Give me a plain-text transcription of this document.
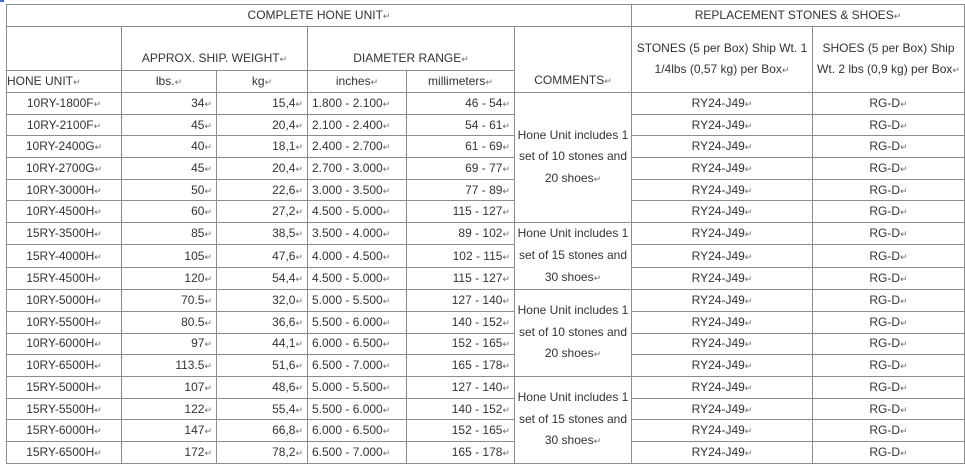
COMPLETE HONE UNIT↵						REPLACEMENT STONES & SHOES↵	
	APPROX. SHIP. WEIGHT↵		DIAMETER RANGE↵		COMMENTS↵	STONES (5 per Box) Ship Wt. 1 1/4lbs (0,57 kg) per Box↵	SHOES (5 per Box) Ship Wt. 2 lbs (0,9 kg) per Box↵
HONE UNIT↵	lbs.↵	kg↵	inches↵	millimeters↵			
10RY-1800F↵	34↵	15,4↵	1.800 - 2.100↵	46 - 54↵	Hone Unit includes 1 set of 10 stones and 20 shoes↵	RY24-J49↵	RG-D↵
10RY-2100F↵	45↵	20,4↵	2.100 - 2.400↵	54 - 61↵		RY24-J49↵	RG-D↵
10RY-2400G↵	40↵	18,1↵	2.400 - 2.700↵	61 - 69↵		RY24-J49↵	RG-D↵
10RY-2700G↵	45↵	20,4↵	2.700 - 3.000↵	69 - 77↵		RY24-J49↵	RG-D↵
10RY-3000H↵	50↵	22,6↵	3.000 - 3.500↵	77 - 89↵		RY24-J49↵	RG-D↵
10RY-4500H↵	60↵	27,2↵	4.500 - 5.000↵	115 - 127↵		RY24-J49↵	RG-D↵
15RY-3500H↵	85↵	38,5↵	3.500 - 4.000↵	89 - 102↵	Hone Unit includes 1 set of 15 stones and 30 shoes↵	RY24-J49↵	RG-D↵
15RY-4000H↵	105↵	47,6↵	4.000 - 4.500↵	102 - 115↵		RY24-J49↵	RG-D↵
15RY-4500H↵	120↵	54,4↵	4.500 - 5.000↵	115 - 127↵		RY24-J49↵	RG-D↵
10RY-5000H↵	70.5↵	32,0↵	5.000 - 5.500↵	127 - 140↵	Hone Unit includes 1 set of 10 stones and 20 shoes↵	RY24-J49↵	RG-D↵
10RY-5500H↵	80.5↵	36,6↵	5.500 - 6.000↵	140 - 152↵		RY24-J49↵	RG-D↵
10RY-6000H↵	97↵	44,1↵	6.000 - 6.500↵	152 - 165↵		RY24-J49↵	RG-D↵
10RY-6500H↵	113.5↵	51,6↵	6.500 - 7.000↵	165 - 178↵		RY24-J49↵	RG-D↵
15RY-5000H↵	107↵	48,6↵	5.000 - 5.500↵	127 - 140↵	Hone Unit includes 1 set of 15 stones and 30 shoes↵	RY24-J49↵	RG-D↵
15RY-5500H↵	122↵	55,4↵	5.500 - 6.000↵	140 - 152↵		RY24-J49↵	RG-D↵
15RY-6000H↵	147↵	66,8↵	6.000 - 6.500↵	152 - 165↵		RY24-J49↵	RG-D↵
15RY-6500H↵	172↵	78,2↵	6.500 - 7.000↵	165 - 178↵		RY24-J49↵	RG-D↵
